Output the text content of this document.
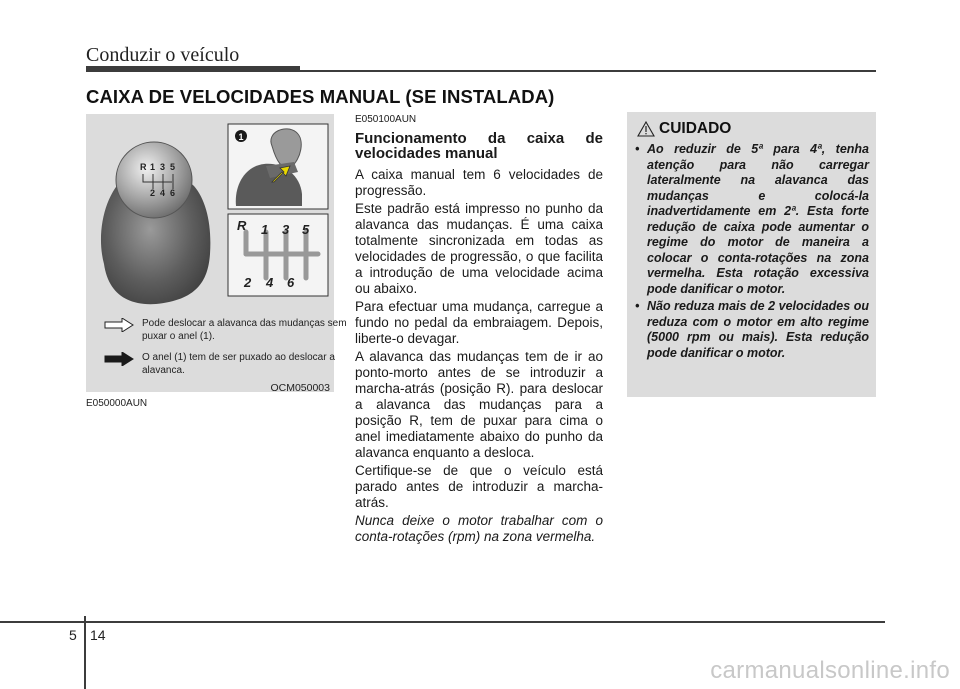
Conduzir o veículo
CAIXA DE VELOCIDADES MANUAL (SE INSTALADA)
R 1 3 5
2 4 6
1
R 1 3 5
2 4 6
Pode deslocar a alavanca das mudanças sem puxar o anel (1).
O anel (1) tem de ser puxado ao deslocar a alavanca.
OCM050003
E050000AUN
E050100AUN
Funcionamento da caixa de velocidades manual

A caixa manual tem 6 velocidades de progressão.

Este padrão está impresso no punho da alavanca das mudanças. É uma caixa totalmente sincronizada em todas as velocidades de progressão, o que facilita a introdução de uma velocidade acima ou abaixo.

Para efectuar uma mudança, carregue a fundo no pedal da embraiagem. Depois, liberte-o devagar.

A alavanca das mudanças tem de ir ao ponto-morto antes de se introduzir a marcha-atrás (posição R). para deslocar a alavanca das mudanças para a posição R, tem de puxar para cima o anel imediatamente abaixo do punho da alavanca enquanto a desloca.

Certifique-se de que o veículo está parado antes de introduzir a marcha-atrás.

Nunca deixe o motor trabalhar com o conta-rotações (rpm) na zona vermelha.

CUIDADO
• Ao reduzir de 5ª para 4ª, tenha atenção para não carregar lateralmente na alavanca das mudanças e colocá-la inadvertidamente em 2ª. Esta forte redução de caixa pode aumentar o regime do motor de maneira a colocar o conta-rotações na zona vermelha. Esta rotação excessiva pode danificar o motor.
• Não reduza mais de 2 velocidades ou reduza com o motor em alto regime (5000 rpm ou mais). Esta redução pode danificar o motor.
5 14
carmanualsonline.info
